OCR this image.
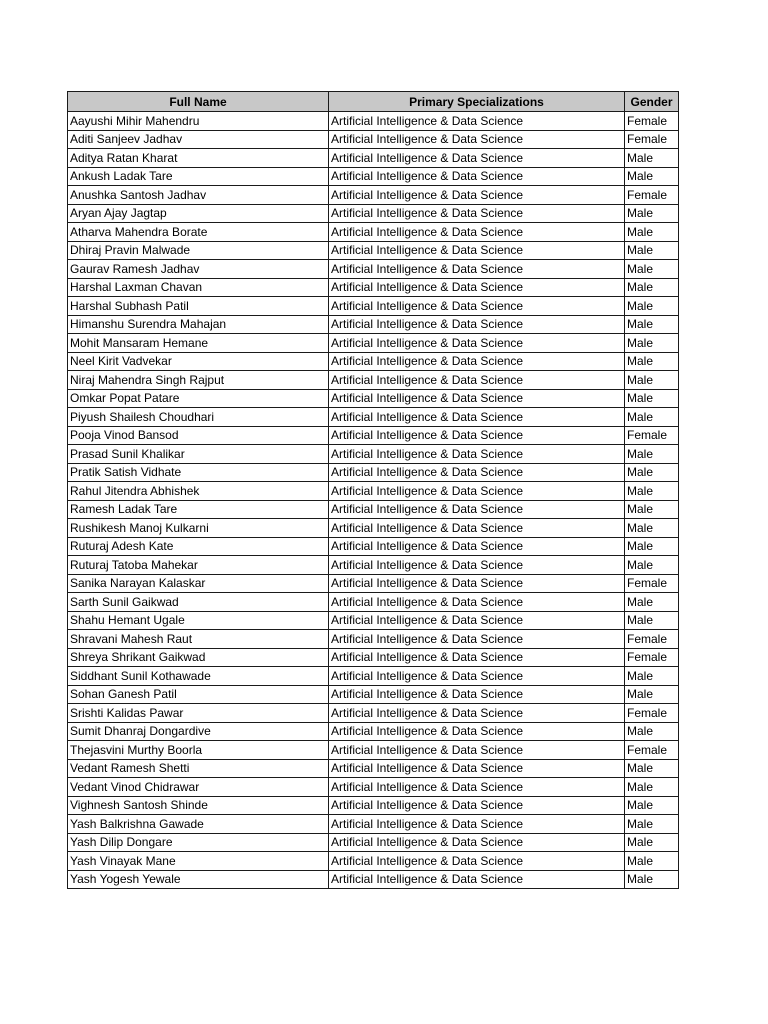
Full Name	Primary Specializations	Gender
Aayushi Mihir Mahendru	Artificial Intelligence & Data Science	Female
Aditi Sanjeev Jadhav	Artificial Intelligence & Data Science	Female
Aditya Ratan Kharat	Artificial Intelligence & Data Science	Male
Ankush Ladak Tare	Artificial Intelligence & Data Science	Male
Anushka Santosh Jadhav	Artificial Intelligence & Data Science	Female
Aryan Ajay Jagtap	Artificial Intelligence & Data Science	Male
Atharva Mahendra Borate	Artificial Intelligence & Data Science	Male
Dhiraj Pravin Malwade	Artificial Intelligence & Data Science	Male
Gaurav Ramesh Jadhav	Artificial Intelligence & Data Science	Male
Harshal Laxman Chavan	Artificial Intelligence & Data Science	Male
Harshal Subhash Patil	Artificial Intelligence & Data Science	Male
Himanshu Surendra Mahajan	Artificial Intelligence & Data Science	Male
Mohit Mansaram Hemane	Artificial Intelligence & Data Science	Male
Neel Kirit Vadvekar	Artificial Intelligence & Data Science	Male
Niraj Mahendra Singh Rajput	Artificial Intelligence & Data Science	Male
Omkar Popat Patare	Artificial Intelligence & Data Science	Male
Piyush Shailesh Choudhari	Artificial Intelligence & Data Science	Male
Pooja Vinod Bansod	Artificial Intelligence & Data Science	Female
Prasad Sunil Khalikar	Artificial Intelligence & Data Science	Male
Pratik Satish Vidhate	Artificial Intelligence & Data Science	Male
Rahul Jitendra Abhishek	Artificial Intelligence & Data Science	Male
Ramesh Ladak Tare	Artificial Intelligence & Data Science	Male
Rushikesh Manoj Kulkarni	Artificial Intelligence & Data Science	Male
Ruturaj Adesh Kate	Artificial Intelligence & Data Science	Male
Ruturaj Tatoba Mahekar	Artificial Intelligence & Data Science	Male
Sanika Narayan Kalaskar	Artificial Intelligence & Data Science	Female
Sarth Sunil Gaikwad	Artificial Intelligence & Data Science	Male
Shahu Hemant Ugale	Artificial Intelligence & Data Science	Male
Shravani Mahesh Raut	Artificial Intelligence & Data Science	Female
Shreya Shrikant Gaikwad	Artificial Intelligence & Data Science	Female
Siddhant Sunil Kothawade	Artificial Intelligence & Data Science	Male
Sohan Ganesh Patil	Artificial Intelligence & Data Science	Male
Srishti Kalidas Pawar	Artificial Intelligence & Data Science	Female
Sumit Dhanraj Dongardive	Artificial Intelligence & Data Science	Male
Thejasvini Murthy Boorla	Artificial Intelligence & Data Science	Female
Vedant Ramesh Shetti	Artificial Intelligence & Data Science	Male
Vedant Vinod Chidrawar	Artificial Intelligence & Data Science	Male
Vighnesh Santosh Shinde	Artificial Intelligence & Data Science	Male
Yash Balkrishna Gawade	Artificial Intelligence & Data Science	Male
Yash Dilip Dongare	Artificial Intelligence & Data Science	Male
Yash Vinayak Mane	Artificial Intelligence & Data Science	Male
Yash Yogesh Yewale	Artificial Intelligence & Data Science	Male
